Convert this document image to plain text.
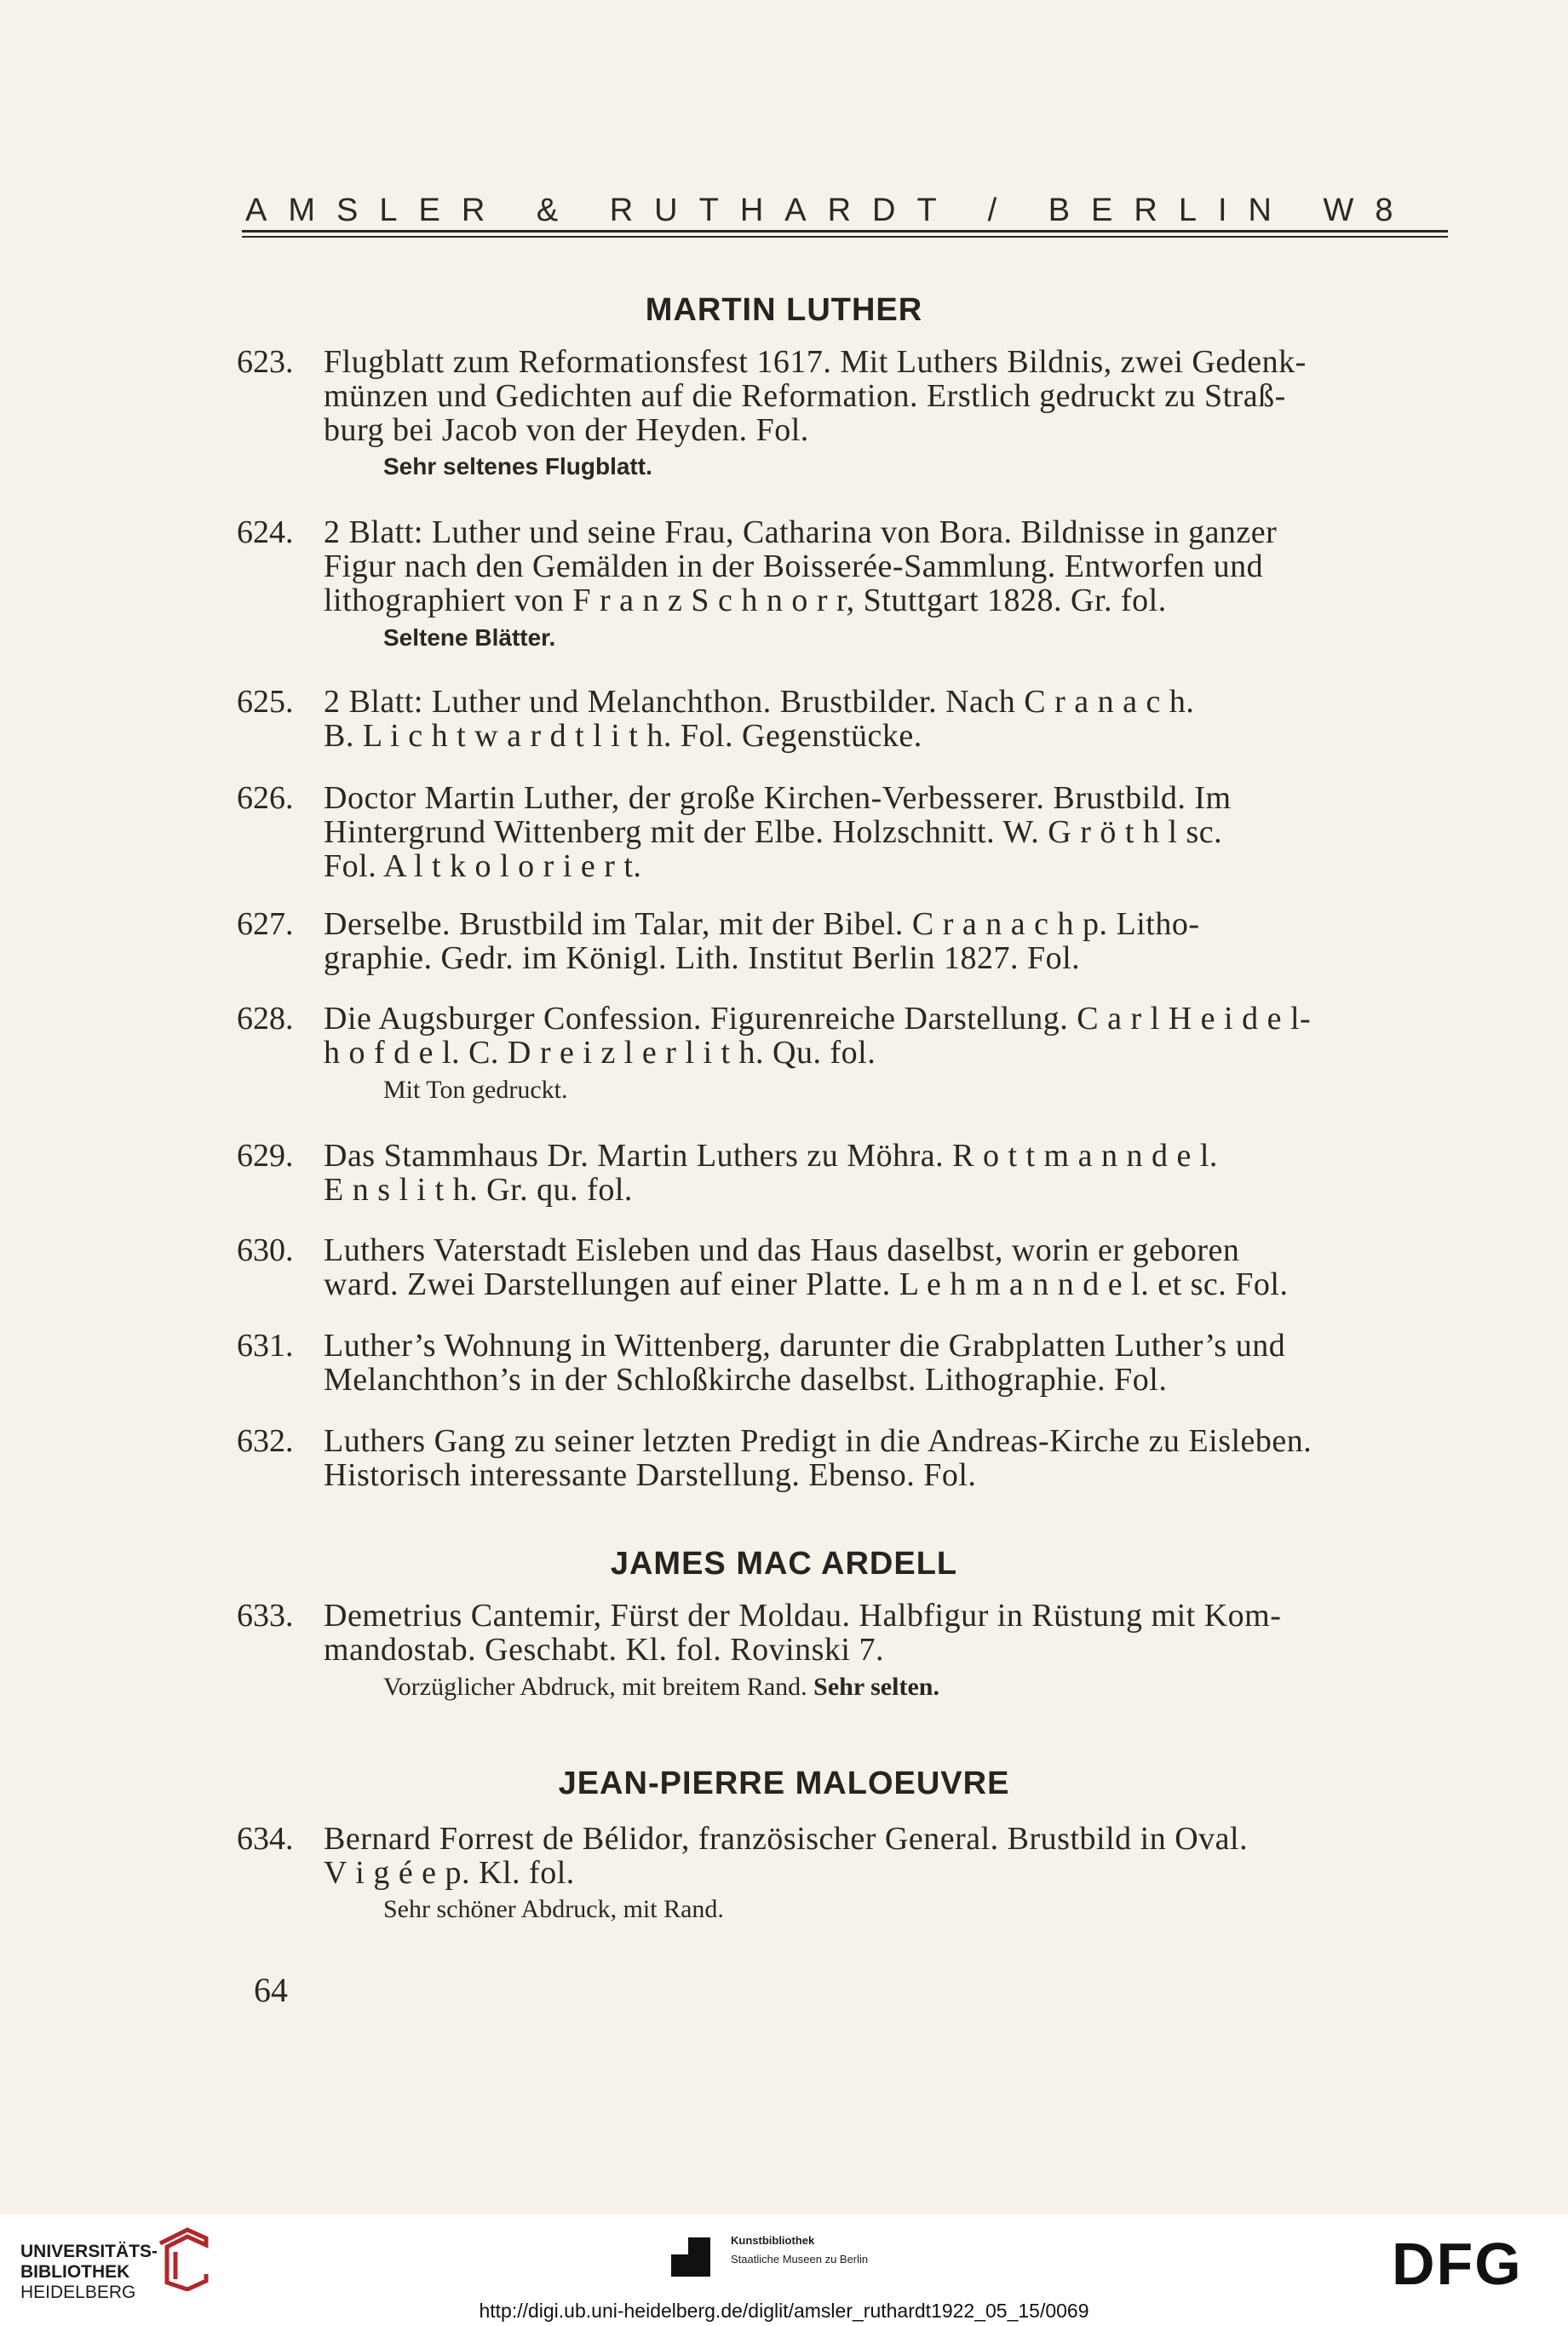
AMSLER & RUTHARDT / BERLIN W8
MARTIN LUTHER
623. Flugblatt zum Reformationsfest 1617. Mit Luthers Bildnis, zwei Gedenk-
münzen und Gedichten auf die Reformation. Erstlich gedruckt zu Straß-
burg bei Jacob von der Heyden. Fol.
Sehr seltenes Flugblatt.
624. 2 Blatt: Luther und seine Frau, Catharina von Bora. Bildnisse in ganzer
Figur nach den Gemälden in der Boisserée-Sammlung. Entworfen und
lithographiert von F r a n z S c h n o r r, Stuttgart 1828. Gr. fol.
Seltene Blätter.
625. 2 Blatt: Luther und Melanchthon. Brustbilder. Nach C r a n a c h.
B. L i c h t w a r d t l i t h. Fol. Gegenstücke.
626. Doctor Martin Luther, der große Kirchen-Verbesserer. Brustbild. Im
Hintergrund Wittenberg mit der Elbe. Holzschnitt. W. G r ö t h l sc.
Fol. A l t k o l o r i e r t.
627. Derselbe. Brustbild im Talar, mit der Bibel. C r a n a c h p. Litho-
graphie. Gedr. im Königl. Lith. Institut Berlin 1827. Fol.
628. Die Augsburger Confession. Figurenreiche Darstellung. C a r l H e i d e l-
h o f d e l. C. D r e i z l e r l i t h. Qu. fol.
Mit Ton gedruckt.
629. Das Stammhaus Dr. Martin Luthers zu Möhra. R o t t m a n n d e l.
E n s l i t h. Gr. qu. fol.
630. Luthers Vaterstadt Eisleben und das Haus daselbst, worin er geboren
ward. Zwei Darstellungen auf einer Platte. L e h m a n n d e l. et sc. Fol.
631. Luther’s Wohnung in Wittenberg, darunter die Grabplatten Luther’s und
Melanchthon’s in der Schloßkirche daselbst. Lithographie. Fol.
632. Luthers Gang zu seiner letzten Predigt in die Andreas-Kirche zu Eisleben.
Historisch interessante Darstellung. Ebenso. Fol.
JAMES MAC ARDELL
633. Demetrius Cantemir, Fürst der Moldau. Halbfigur in Rüstung mit Kom-
mandostab. Geschabt. Kl. fol. Rovinski 7.
Vorzüglicher Abdruck, mit breitem Rand. Sehr selten.
JEAN-PIERRE MALOEUVRE
634. Bernard Forrest de Bélidor, französischer General. Brustbild in Oval.
V i g é e p. Kl. fol.
Sehr schöner Abdruck, mit Rand.
64
UNIVERSITÄTS-
BIBLIOTHEK
HEIDELBERG
Kunstbibliothek
Staatliche Museen zu Berlin	DFG
http://digi.ub.uni-heidelberg.de/diglit/amsler_ruthardt1922_05_15/0069
